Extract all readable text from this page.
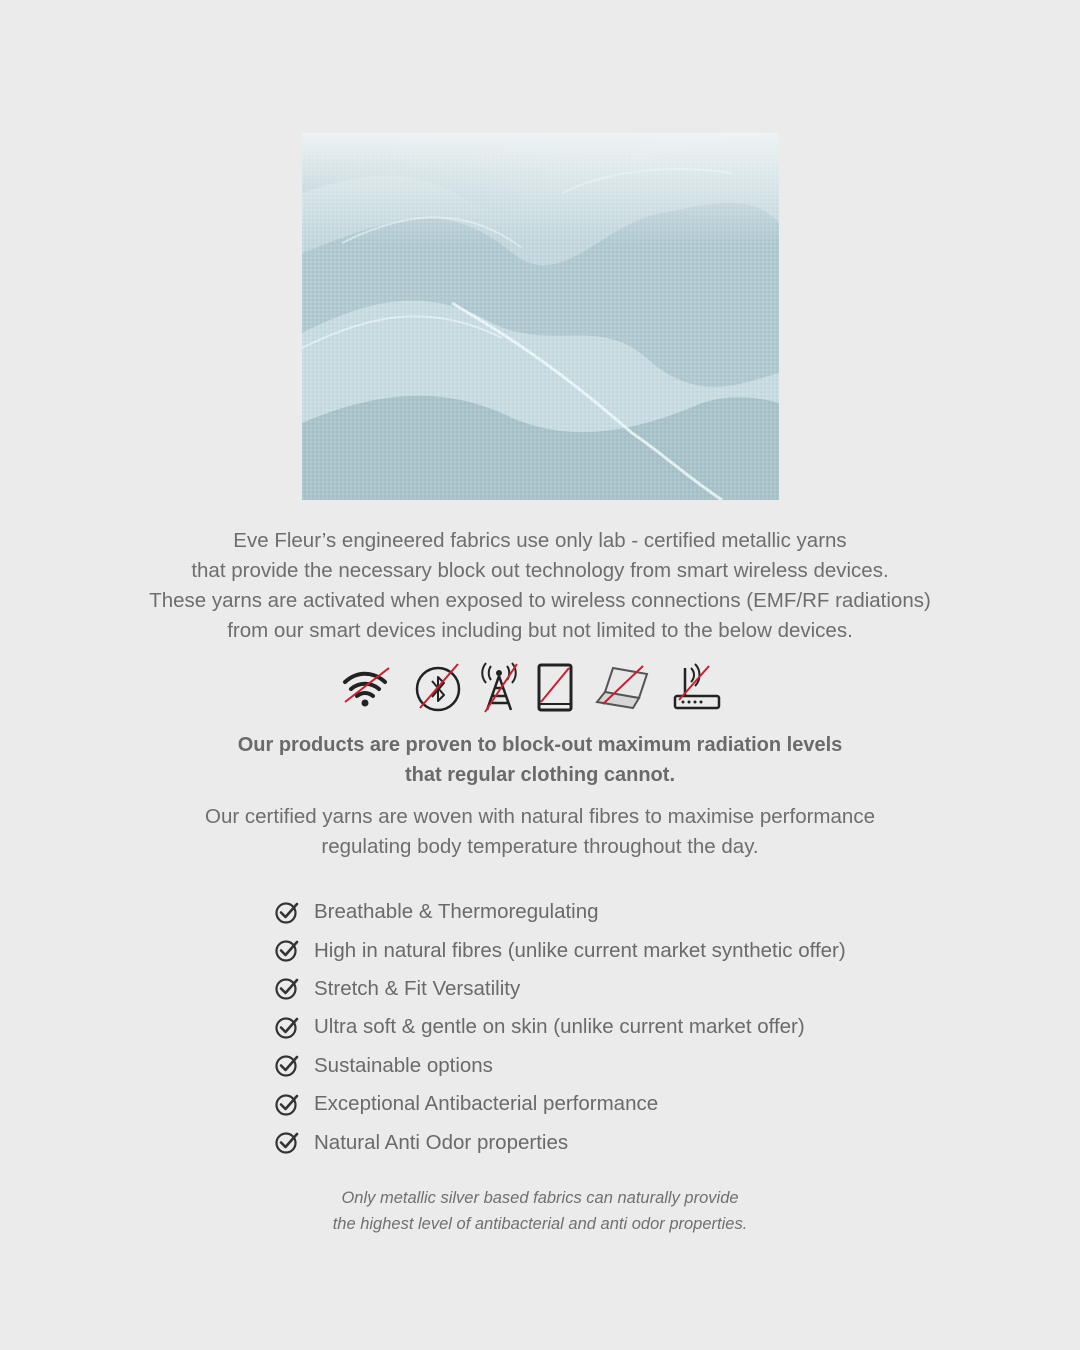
Eve Fleur’s engineered fabrics use only lab - certified metallic yarns
that provide the necessary block out technology from smart wireless devices.
These yarns are activated when exposed to wireless connections (EMF/RF radiations)
from our smart devices including but not limited to the below devices.
Our products are proven to block-out maximum radiation levels
that regular clothing cannot.
Our certified yarns are woven with natural fibres to maximise performance
regulating body temperature throughout the day.
Breathable & Thermoregulating
High in natural fibres (unlike current market synthetic offer)
Stretch & Fit Versatility
Ultra soft & gentle on skin (unlike current market offer)
Sustainable options
Exceptional Antibacterial performance
Natural Anti Odor properties
Only metallic silver based fabrics can naturally provide
the highest level of antibacterial and anti odor properties.
